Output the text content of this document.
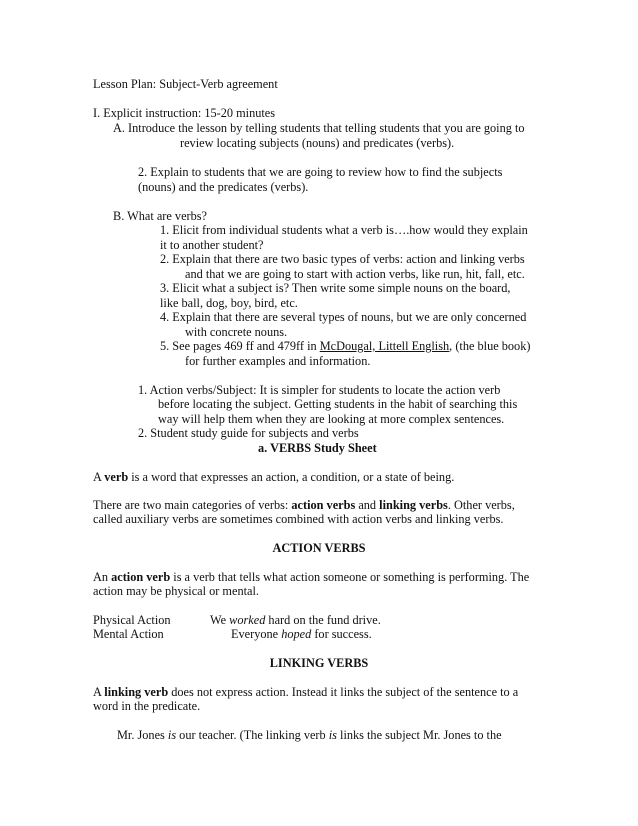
Lesson Plan: Subject-Verb agreement
I. Explicit instruction: 15-20 minutes
A. Introduce the lesson by telling students that telling students that you are going to
review locating subjects (nouns) and predicates (verbs).
2. Explain to students that we are going to review how to find the subjects
(nouns) and the predicates (verbs).
B. What are verbs?
1. Elicit from individual students what a verb is….how would they explain
it to another student?
2. Explain that there are two basic types of verbs: action and linking verbs
and that we are going to start with action verbs, like run, hit, fall, etc.
3. Elicit what a subject is? Then write some simple nouns on the board,
like ball, dog, boy, bird, etc.
4. Explain that there are several types of nouns, but we are only concerned
with concrete nouns.
5. See pages 469 ff and 479ff in McDougal, Littell English, (the blue book)
for further examples and information.
1. Action verbs/Subject: It is simpler for students to locate the action verb
before locating the subject. Getting students in the habit of searching this
way will help them when they are looking at more complex sentences.
2. Student study guide for subjects and verbs
a. VERBS Study Sheet
A verb is a word that expresses an action, a condition, or a state of being.
There are two main categories of verbs: action verbs and linking verbs. Other verbs,
called auxiliary verbs are sometimes combined with action verbs and linking verbs.
ACTION VERBS
An action verb is a verb that tells what action someone or something is performing. The
action may be physical or mental.
Physical Action	We worked hard on the fund drive.
Mental Action	Everyone hoped for success.
LINKING VERBS
A linking verb does not express action. Instead it links the subject of the sentence to a
word in the predicate.
Mr. Jones is our teacher. (The linking verb is links the subject Mr. Jones to the
